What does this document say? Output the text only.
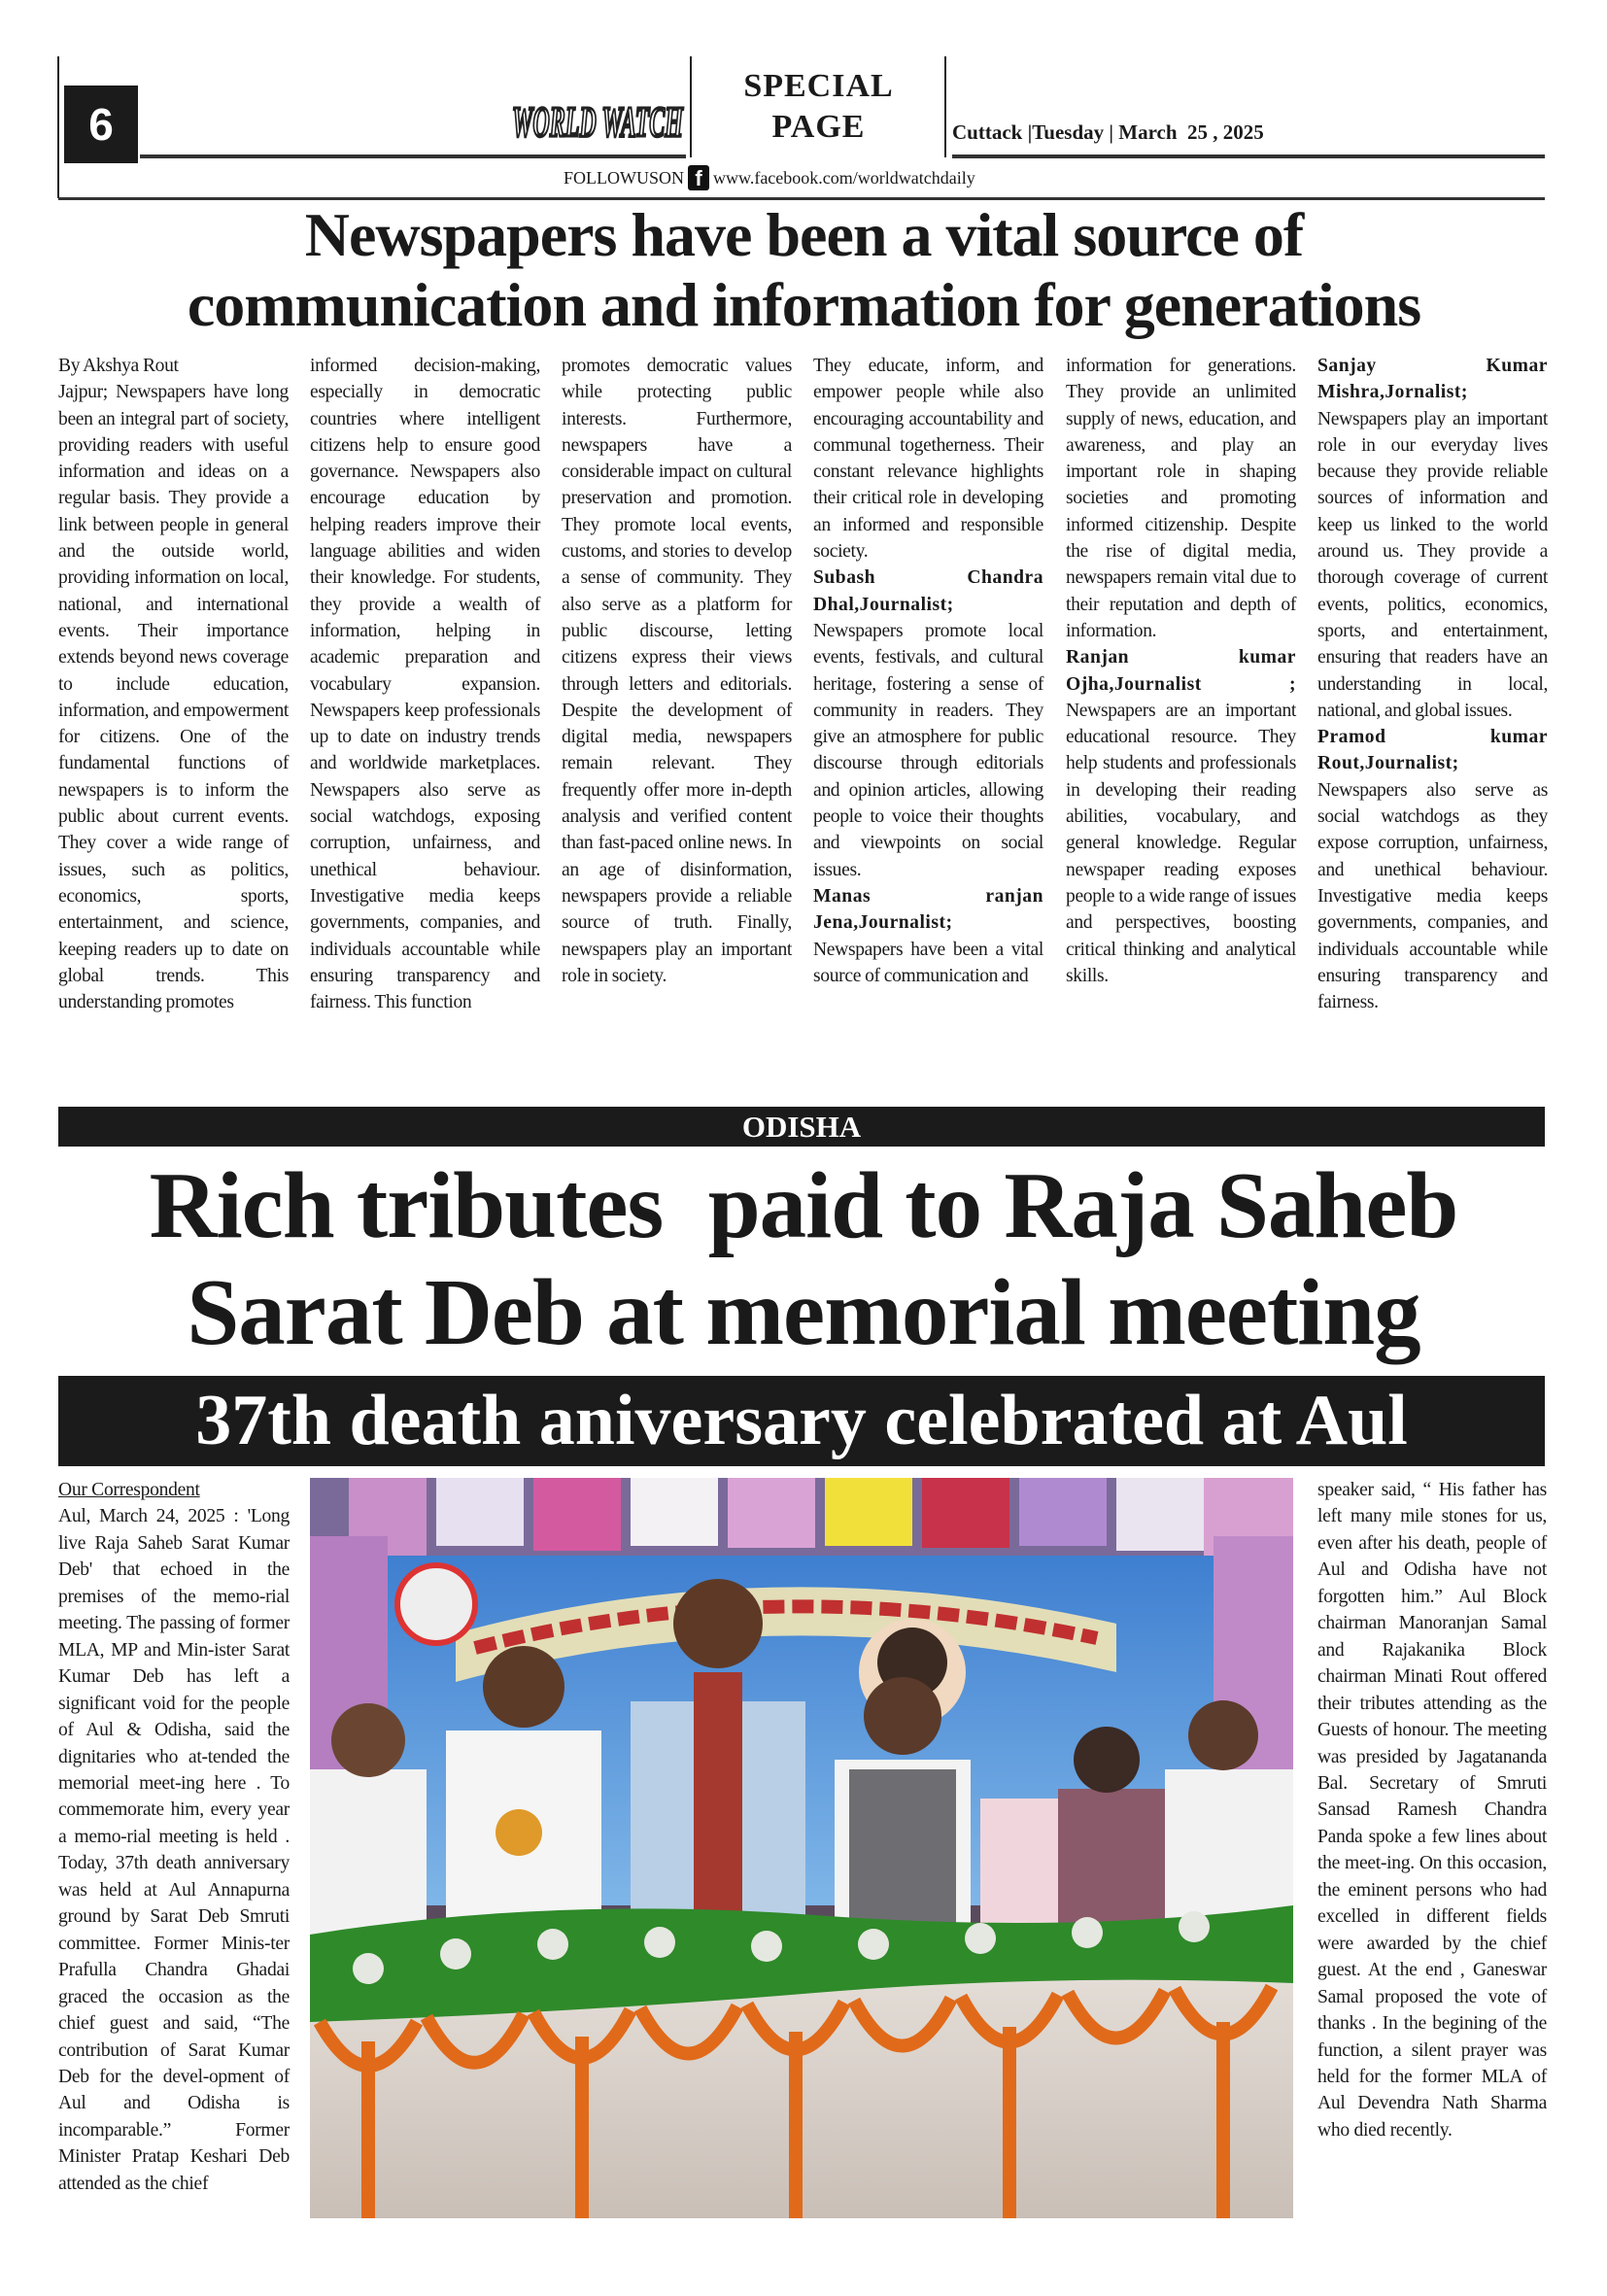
6	WORLD WATCH
SPECIAL
PAGE	Cuttack |Tuesday | March  25 , 2025
FOLLOWUSON f www.facebook.com/worldwatchdaily
Newspapers have been a vital source of
communication and information for generations

By Akshya Rout

Jajpur; Newspapers have long been an integral part of society, providing readers with useful information and ideas on a regular basis. They provide a link between people in general and the outside world, providing information on local, national, and international events. Their importance extends beyond news coverage to include education, information, and empowerment for citizens. One of the fundamental functions of newspapers is to inform the public about current events. They cover a wide range of issues, such as politics, economics, sports, entertainment, and science, keeping readers up to date on global trends. This understanding promotes

informed decision-making, especially in democratic countries where intelligent citizens help to ensure good governance. Newspapers also encourage education by helping readers improve their language abilities and widen their knowledge. For students, they provide a wealth of information, helping in academic preparation and vocabulary expansion. Newspapers keep professionals up to date on industry trends and worldwide marketplaces. Newspapers also serve as social watchdogs, exposing corruption, unfairness, and unethical behaviour. Investigative media keeps governments, companies, and individuals accountable while ensuring transparency and fairness. This function

promotes democratic values while protecting public interests. Furthermore, newspapers have a considerable impact on cultural preservation and promotion. They promote local events, customs, and stories to develop a sense of community. They also serve as a platform for public discourse, letting citizens express their views through letters and editorials. Despite the development of digital media, newspapers remain relevant. They frequently offer more in-depth analysis and verified content than fast-paced online news. In an age of disinformation, newspapers provide a reliable source of truth. Finally, newspapers play an important role in society.

They educate, inform, and empower people while also encouraging accountability and communal togetherness. Their constant relevance highlights their critical role in developing an informed and responsible society.

Subash Chandra Dhal,Journalist;

Newspapers promote local events, festivals, and cultural heritage, fostering a sense of community in readers. They give an atmosphere for public discourse through editorials and opinion articles, allowing people to voice their thoughts and viewpoints on social issues.

Manas ranjan Jena,Journalist;

Newspapers have been a vital source of communication and

information for generations. They provide an unlimited supply of news, education, and awareness, and play an important role in shaping societies and promoting informed citizenship. Despite the rise of digital media, newspapers remain vital due to their reputation and depth of information.

Ranjan kumar Ojha,Journalist ;

Newspapers are an important educational resource. They help students and professionals in developing their reading abilities, vocabulary, and general knowledge. Regular newspaper reading exposes people to a wide range of issues and perspectives, boosting critical thinking and analytical skills.

Sanjay Kumar Mishra,Jornalist;

Newspapers play an important role in our everyday lives because they provide reliable sources of information and keep us linked to the world around us. They provide a thorough coverage of current events, politics, economics, sports, and entertainment, ensuring that readers have an understanding in local, national, and global issues.

Pramod kumar Rout,Journalist;

Newspapers also serve as social watchdogs as they expose corruption, unfairness, and unethical behaviour. Investigative media keeps governments, companies, and individuals accountable while ensuring transparency and fairness.

ODISHA
Rich tributes  paid to Raja Saheb
Sarat Deb at memorial meeting
37th death aniversary celebrated at Aul

Our Correspondent

Aul, March 24, 2025 : 'Long live Raja Saheb Sarat Kumar Deb' that echoed in the premises of the memo-rial meeting. The passing of former MLA, MP and Min-ister Sarat Kumar Deb has left a significant void for the people of Aul & Odisha, said the dignitaries who at-tended the memorial meet-ing here . To commemorate him, every year a memo-rial meeting is held . Today, 37th death anniversary was held at Aul Annapurna ground by Sarat Deb Smruti committee. Former Minis-ter Prafulla Chandra Ghadai graced the occasion as the chief guest and said, “The contribution of Sarat Kumar Deb for the devel-opment of Aul and Odisha is incomparable.” Former Minister Pratap Keshari Deb attended as the chief

speaker said, “ His father has left many mile stones for us, even after his death, people of Aul and Odisha have not forgotten him.” Aul Block chairman Manoranjan Samal and Rajakanika Block chairman Minati Rout offered their tributes attending as the Guests of honour. The meeting was presided by Jagatananda Bal. Secretary of Smruti Sansad Ramesh Chandra Panda spoke a few lines about the meet-ing. On this occasion, the eminent persons who had excelled in different fields were awarded by the chief guest. At the end , Ganeswar Samal proposed the vote of thanks . In the begining of the function, a silent prayer was held for the former MLA of Aul Devendra Nath Sharma who died recently.
